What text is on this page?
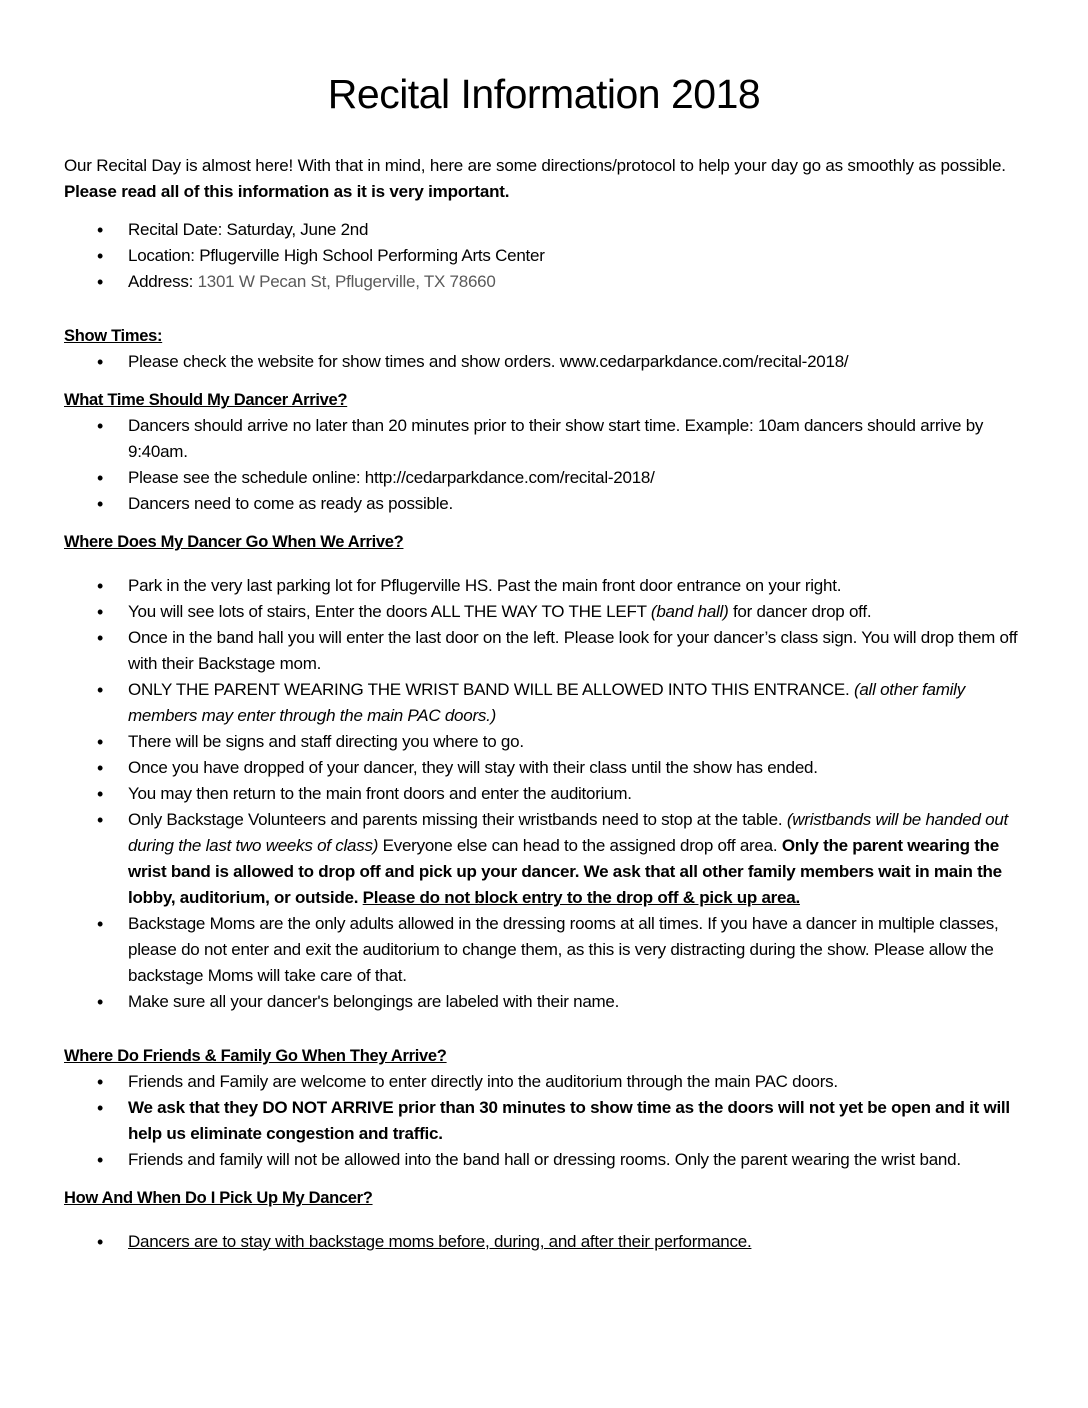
Recital Information 2018

Our Recital Day is almost here! With that in mind, here are some directions/protocol to help your day go as smoothly as possible. Please read all of this information as it is very important.

• Recital Date: Saturday, June 2nd
• Location: Pflugerville High School Performing Arts Center
• Address: 1301 W Pecan St, Pflugerville, TX 78660
Show Times:
• Please check the website for show times and show orders. www.cedarparkdance.com/recital-2018/
What Time Should My Dancer Arrive?
• Dancers should arrive no later than 20 minutes prior to their show start time. Example: 10am dancers should arrive by 9:40am.
• Please see the schedule online: http://cedarparkdance.com/recital-2018/
• Dancers need to come as ready as possible.
Where Does My Dancer Go When We Arrive?
• Park in the very last parking lot for Pflugerville HS. Past the main front door entrance on your right.
• You will see lots of stairs, Enter the doors ALL THE WAY TO THE LEFT (band hall) for dancer drop off.
• Once in the band hall you will enter the last door on the left. Please look for your dancer’s class sign. You will drop them off with their Backstage mom.
• ONLY THE PARENT WEARING THE WRIST BAND WILL BE ALLOWED INTO THIS ENTRANCE. (all other family members may enter through the main PAC doors.)
• There will be signs and staff directing you where to go.
• Once you have dropped of your dancer, they will stay with their class until the show has ended.
• You may then return to the main front doors and enter the auditorium.
• Only Backstage Volunteers and parents missing their wristbands need to stop at the table. (wristbands will be handed out during the last two weeks of class) Everyone else can head to the assigned drop off area. Only the parent wearing the wrist band is allowed to drop off and pick up your dancer. We ask that all other family members wait in main the lobby, auditorium, or outside. Please do not block entry to the drop off & pick up area.
• Backstage Moms are the only adults allowed in the dressing rooms at all times. If you have a dancer in multiple classes, please do not enter and exit the auditorium to change them, as this is very distracting during the show. Please allow the backstage Moms will take care of that.
• Make sure all your dancer's belongings are labeled with their name.
Where Do Friends & Family Go When They Arrive?
• Friends and Family are welcome to enter directly into the auditorium through the main PAC doors.
• We ask that they DO NOT ARRIVE prior than 30 minutes to show time as the doors will not yet be open and it will help us eliminate congestion and traffic.
• Friends and family will not be allowed into the band hall or dressing rooms. Only the parent wearing the wrist band.
How And When Do I Pick Up My Dancer?
• Dancers are to stay with backstage moms before, during, and after their performance.
